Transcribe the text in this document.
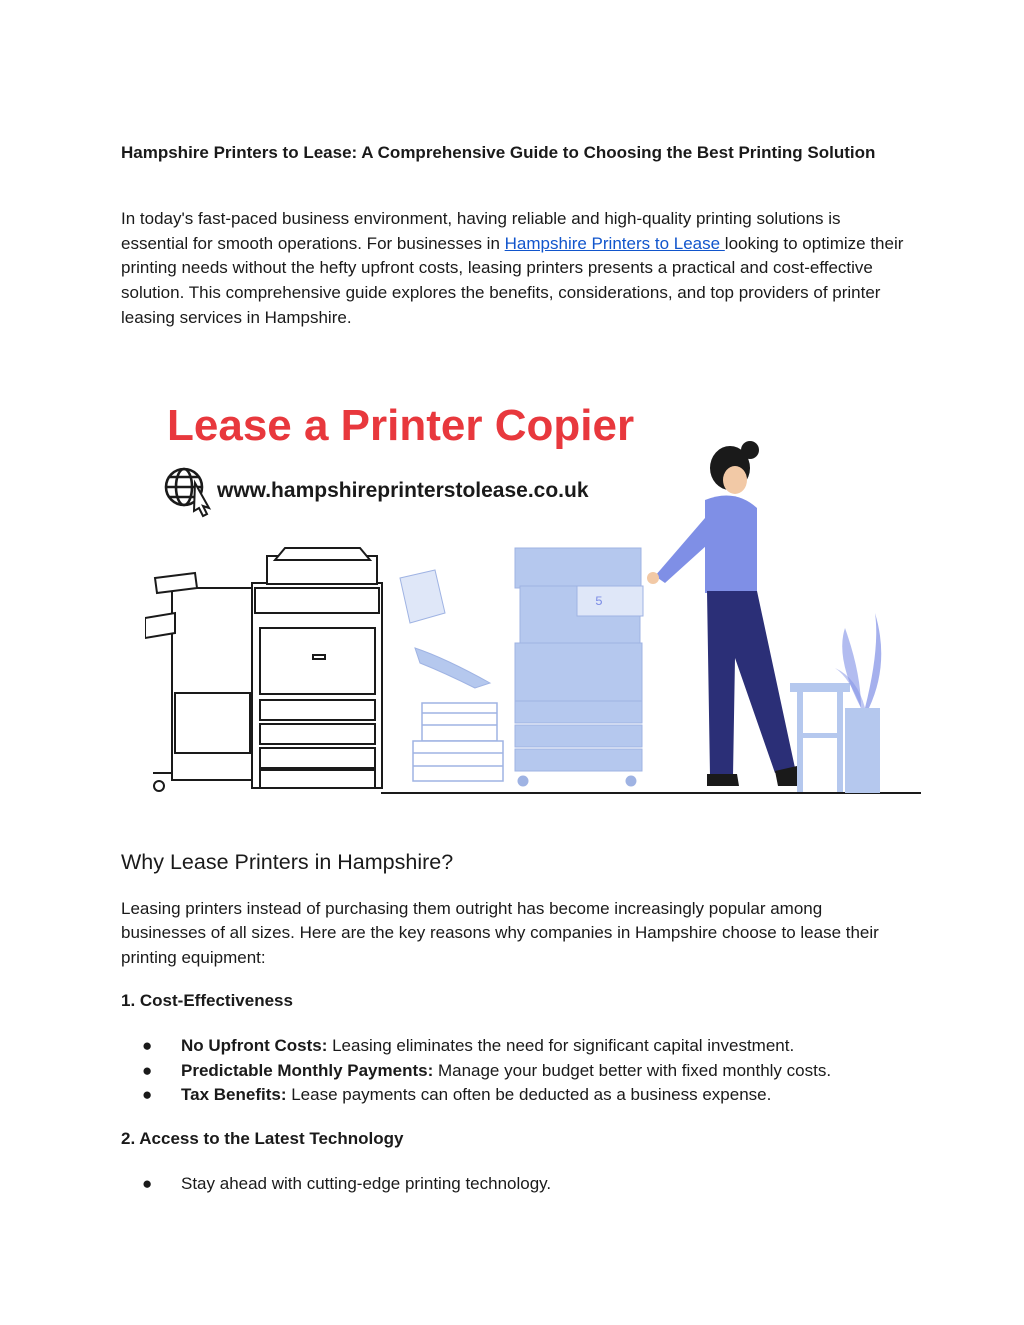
Hampshire Printers to Lease: A Comprehensive Guide to Choosing the Best Printing Solution

In today's fast-paced business environment, having reliable and high-quality printing solutions is essential for smooth operations. For businesses in Hampshire Printers to Lease looking to optimize their printing needs without the hefty upfront costs, leasing printers presents a practical and cost-effective solution. This comprehensive guide explores the benefits, considerations, and top providers of printer leasing services in Hampshire.

Lease a Printer Copier
www.hampshireprinterstolease.co.uk
5
Why Lease Printers in Hampshire?

Leasing printers instead of purchasing them outright has become increasingly popular among businesses of all sizes. Here are the key reasons why companies in Hampshire choose to lease their printing equipment:

1. Cost-Effectiveness
● No Upfront Costs: Leasing eliminates the need for significant capital investment.
● Predictable Monthly Payments: Manage your budget better with fixed monthly costs.
● Tax Benefits: Lease payments can often be deducted as a business expense.
2. Access to the Latest Technology
● Stay ahead with cutting-edge printing technology.
